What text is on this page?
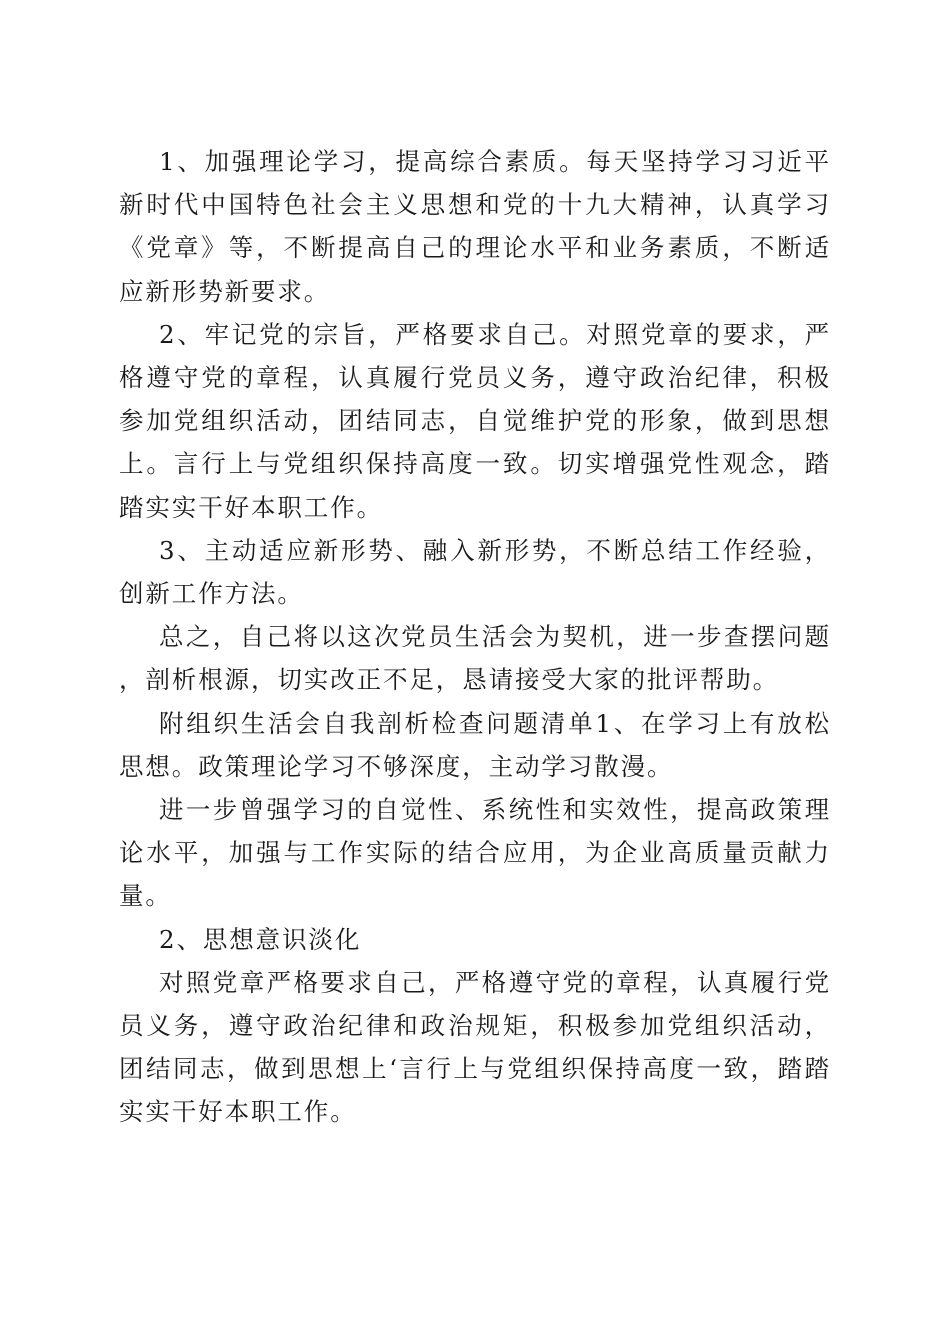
1、加强理论学习，提高综合素质。每天坚持学习习近平新时代中国特色社会主义思想和党的十九大精神，认真学习《党章》等，不断提高自己的理论水平和业务素质，不断适应新形势新要求。

2、牢记党的宗旨，严格要求自己。对照党章的要求，严格遵守党的章程，认真履行党员义务，遵守政治纪律，积极参加党组织活动，团结同志，自觉维护党的形象，做到思想上。言行上与党组织保持高度一致。切实增强党性观念，踏踏实实干好本职工作。

3、主动适应新形势、融入新形势，不断总结工作经验，创新工作方法。

总之，自己将以这次党员生活会为契机，进一步查摆问题，剖析根源，切实改正不足，恳请接受大家的批评帮助。

附组织生活会自我剖析检查问题清单1、在学习上有放松思想。政策理论学习不够深度，主动学习散漫。

进一步曾强学习的自觉性、系统性和实效性，提高政策理论水平，加强与工作实际的结合应用，为企业高质量贡献力量。

2、思想意识淡化

对照党章严格要求自己，严格遵守党的章程，认真履行党员义务，遵守政治纪律和政治规矩，积极参加党组织活动，团结同志，做到思想上‘言行上与党组织保持高度一致，踏踏实实干好本职工作。
